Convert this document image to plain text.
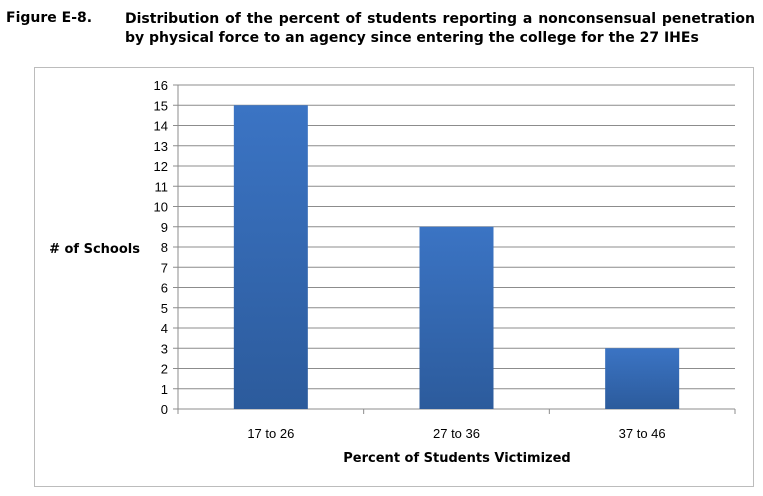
Figure E-8. Distribution of the percent of students reporting a nonconsensual penetration by physical force to an agency since entering the college for the 27 IHEs
0
1
2
3
4
5
6
7
8
9
10
11
12
13
14
15
16
17 to 26	27 to 36	37 to 46
# of Schools
Percent of Students Victimized
